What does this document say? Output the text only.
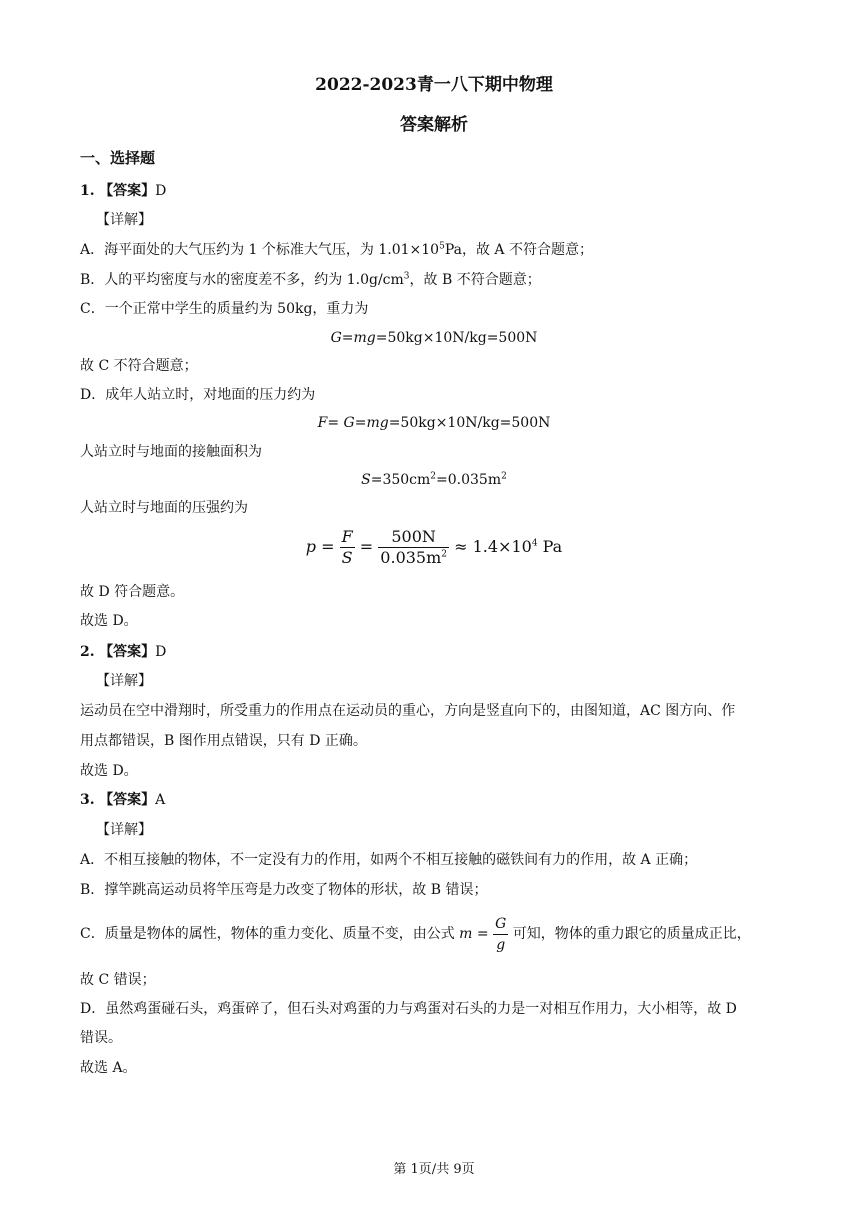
2022-2023青一八下期中物理
答案解析
一、选择题
1. 【答案】D
【详解】
A．海平面处的大气压约为 1 个标准大气压，为 $1.01\times 10^5Pa$，故 A 不符合题意；
B．人的平均密度与水的密度差不多，约为 $1.0g/cm^3$，故 B 不符合题意；
C．一个正常中学生的质量约为 50kg，重力为
G=mg=50kg×10N/kg=500N
故 C 不符合题意；
D．成年人站立时，对地面的压力约为
F= G=mg=50kg×10N/kg=500N
人站立时与地面的接触面积为
$S=350cm^2=0.035m^2$
人站立时与地面的压强约为
$p = \frac{F}{S} = \frac{500N}{0.035m^2} \approx 1.4\times 10^4$ Pa
故 D 符合题意。
故选 D。
2. 【答案】D
【详解】
运动员在空中滑翔时，所受重力的作用点在运动员的重心，方向是竖直向下的，由图知道，AC 图方向、作
用点都错误，B 图作用点错误，只有 D 正确。
故选 D。
3. 【答案】A
【详解】
A．不相互接触的物体，不一定没有力的作用，如两个不相互接触的磁铁间有力的作用，故 A 正确；
B．撑竿跳高运动员将竿压弯是力改变了物体的形状，故 B 错误；
C．质量是物体的属性，物体的重力变化、质量不变，由公式 $m = \frac{G}{g}$ 可知，物体的重力跟它的质量成正比，
故 C 错误；
D．虽然鸡蛋碰石头，鸡蛋碎了，但石头对鸡蛋的力与鸡蛋对石头的力是一对相互作用力，大小相等，故 D
错误。
故选 A。
第 1页/共 9页
